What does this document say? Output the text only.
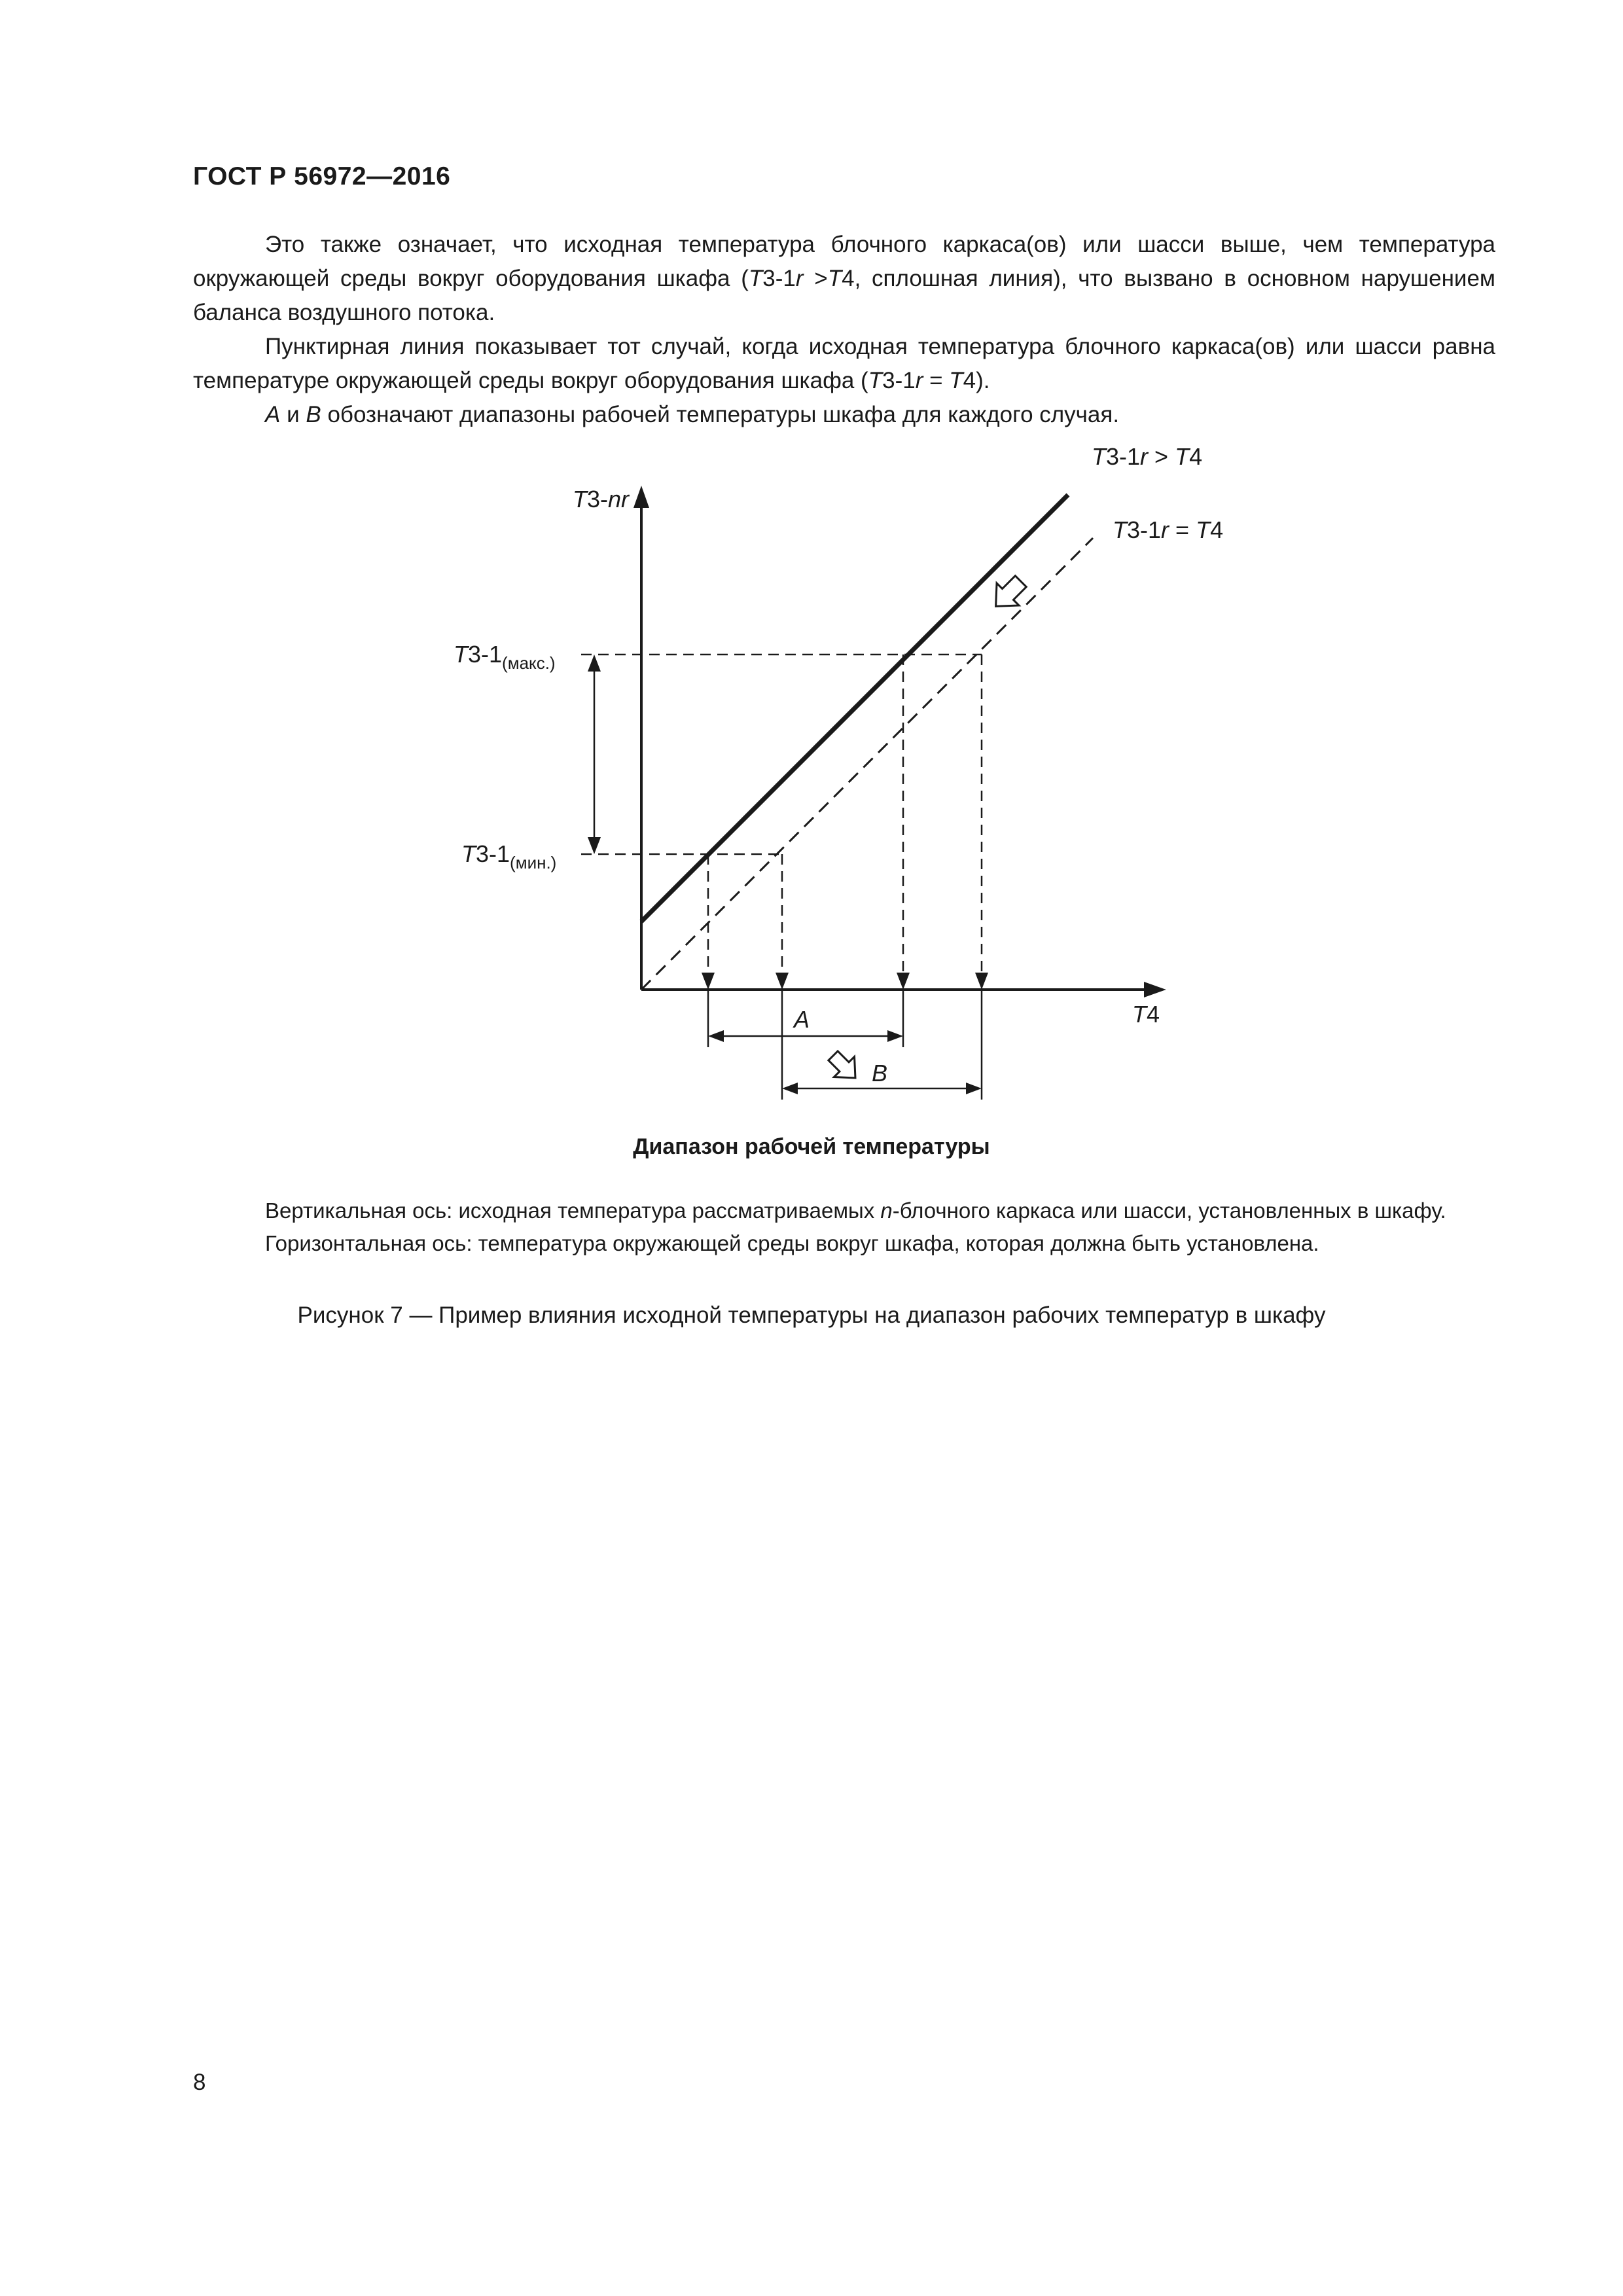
ГОСТ Р 56972—2016

Это также означает, что исходная температура блочного каркаса(ов) или шасси выше, чем температура окружающей среды вокруг оборудования шкафа (T3-1r >T4, сплошная линия), что вызвано в основном нарушением баланса воздушного потока.

Пунктирная линия показывает тот случай, когда исходная температура блочного каркаса(ов) или шасси равна температуре окружающей среды вокруг оборудования шкафа (T3-1r = T4).

A и B обозначают диапазоны рабочей температуры шкафа для каждого случая.

T3-nr
T4
T3-1r > T4
T3-1r = T4
$T3-1_{(макс.)}$
$T3-1_{(мин.)}$
A
B
Диапазон рабочей температуры

Вертикальная ось: исходная температура рассматриваемых n-блочного каркаса или шасси, установленных в шкафу.

Горизонтальная ось: температура окружающей среды вокруг шкафа, которая должна быть установлена.

Рисунок 7 — Пример влияния исходной температуры на диапазон рабочих температур в шкафу
8
